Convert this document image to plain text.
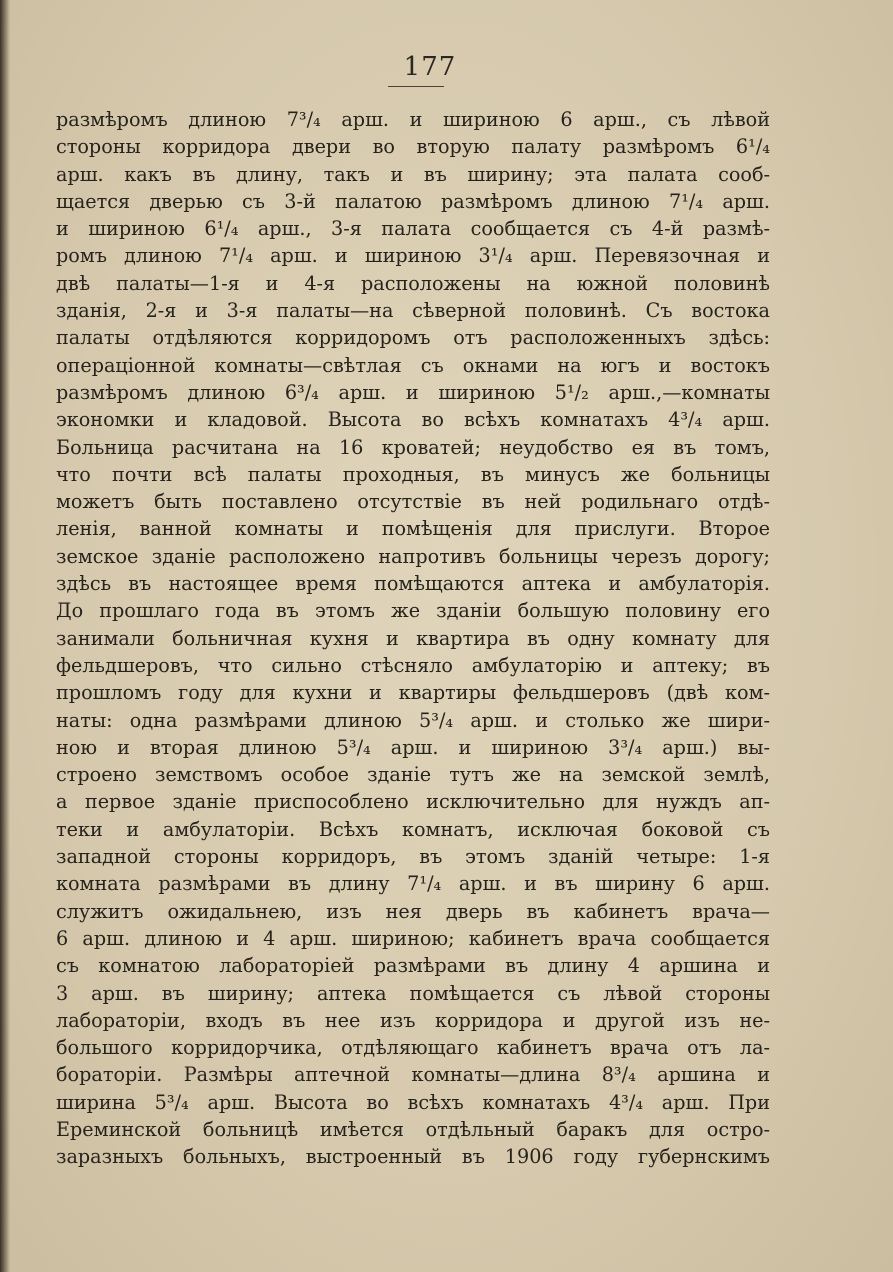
177
размѣромъ длиною 7³/₄ арш. и шириною 6 арш., съ лѣвой
стороны корридора двери во вторую палату размѣромъ 6¹/₄
арш. какъ въ длину, такъ и въ ширину; эта палата сооб-
щается дверью съ 3-й палатою размѣромъ длиною 7¹/₄ арш.
и шириною 6¹/₄ арш., 3-я палата сообщается съ 4-й размѣ-
ромъ длиною 7¹/₄ арш. и шириною 3¹/₄ арш. Перевязочная и
двѣ палаты—1-я и 4-я расположены на южной половинѣ
зданія, 2-я и 3-я палаты—на сѣверной половинѣ. Съ востока
палаты отдѣляются корридоромъ отъ расположенныхъ здѣсь:
операціонной комнаты—свѣтлая съ окнами на югъ и востокъ
размѣромъ длиною 6³/₄ арш. и шириною 5¹/₂ арш.,—комнаты
экономки и кладовой. Высота во всѣхъ комнатахъ 4³/₄ арш.
Больница расчитана на 16 кроватей; неудобство ея въ томъ,
что почти всѣ палаты проходныя, въ минусъ же больницы
можетъ быть поставлено отсутствіе въ ней родильнаго отдѣ-
ленія, ванной комнаты и помѣщенія для прислуги. Второе
земское зданіе расположено напротивъ больницы черезъ дорогу;
здѣсь въ настоящее время помѣщаются аптека и амбулаторія.
До прошлаго года въ этомъ же зданіи большую половину его
занимали больничная кухня и квартира въ одну комнату для
фельдшеровъ, что сильно стѣсняло амбулаторію и аптеку; въ
прошломъ году для кухни и квартиры фельдшеровъ (двѣ ком-
наты: одна размѣрами длиною 5³/₄ арш. и столько же шири-
ною и вторая длиною 5³/₄ арш. и шириною 3³/₄ арш.) вы-
строено земствомъ особое зданіе тутъ же на земской землѣ,
а первое зданіе приспособлено исключительно для нуждъ ап-
теки и амбулаторіи. Всѣхъ комнатъ, исключая боковой съ
западной стороны корридоръ, въ этомъ зданій четыре: 1-я
комната размѣрами въ длину 7¹/₄ арш. и въ ширину 6 арш.
служитъ ожидальнею, изъ нея дверь въ кабинетъ врача—
6 арш. длиною и 4 арш. шириною; кабинетъ врача сообщается
съ комнатою лабораторіей размѣрами въ длину 4 аршина и
3 арш. въ ширину; аптека помѣщается съ лѣвой стороны
лабораторіи, входъ въ нее изъ корридора и другой изъ не-
большого корридорчика, отдѣляющаго кабинетъ врача отъ ла-
бораторіи. Размѣры аптечной комнаты—длина 8³/₄ аршина и
ширина 5³/₄ арш. Высота во всѣхъ комнатахъ 4³/₄ арш. При
Ереминской больницѣ имѣется отдѣльный баракъ для остро-
заразныхъ больныхъ, выстроенный въ 1906 году губернскимъ
